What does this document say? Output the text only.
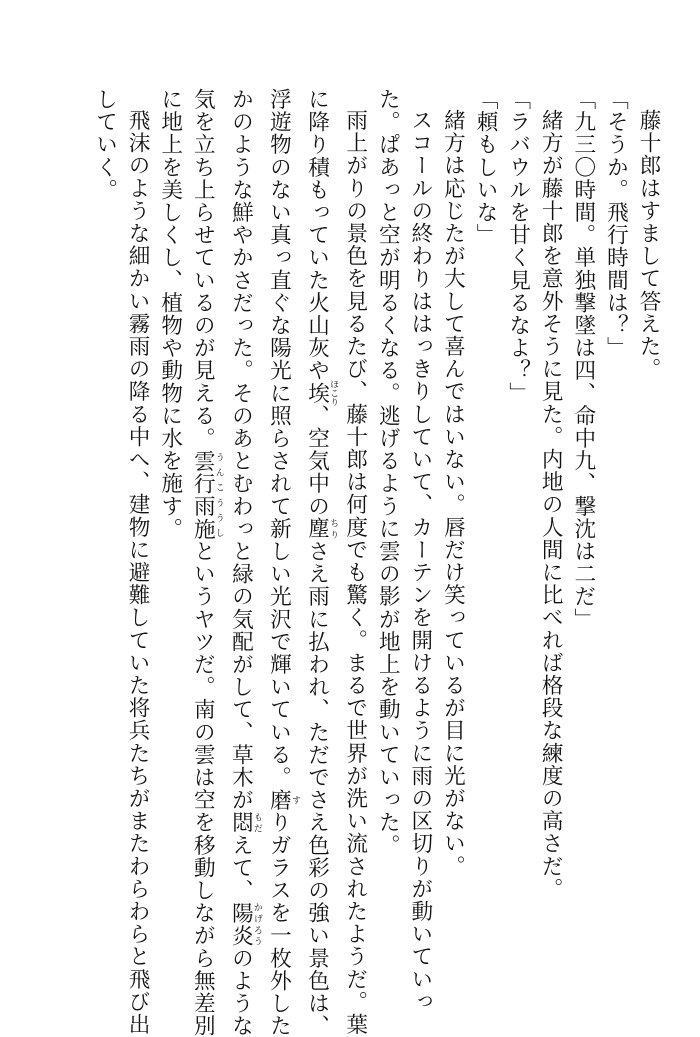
藤十郎はすまして答えた。
「そうか。飛行時間は？」
「九三〇時間。単独撃墜は四、命中九、撃沈は二だ」
緒方が藤十郎を意外そうに見た。内地の人間に比べれば格段な練度の高さだ。
「ラバウルを甘く見るなよ？」
「頼もしいな」
緒方は応じたが大して喜んではいない。唇だけ笑っているが目に光がない。
スコールの終わりははっきりしていて、カーテンを開けるように雨の区切りが動いていっ
た。ぱあっと空が明るくなる。逃げるように雲の影が地上を動いていった。
雨上がりの景色を見るたび、藤十郎は何度でも驚く。まるで世界が洗い流されたようだ。葉
に降り積もっていた火山灰や埃ほこり、空気中の塵ちりさえ雨に払われ、ただでさえ色彩の強い景色は、
浮遊物のない真っ直ぐな陽光に照らされて新しい光沢で輝いている。磨すりガラスを一枚外した
かのような鮮やかさだった。そのあとむわっと緑の気配がして、草木が悶もだえて、陽炎かげろうのような
気を立ち上らせているのが見える。雲行雨施うんこううしというヤツだ。南の雲は空を移動しながら無差別
に地上を美しくし、植物や動物に水を施す。
飛沫のような細かい霧雨の降る中へ、建物に避難していた将兵たちがまたわらわらと飛び出
していく。
